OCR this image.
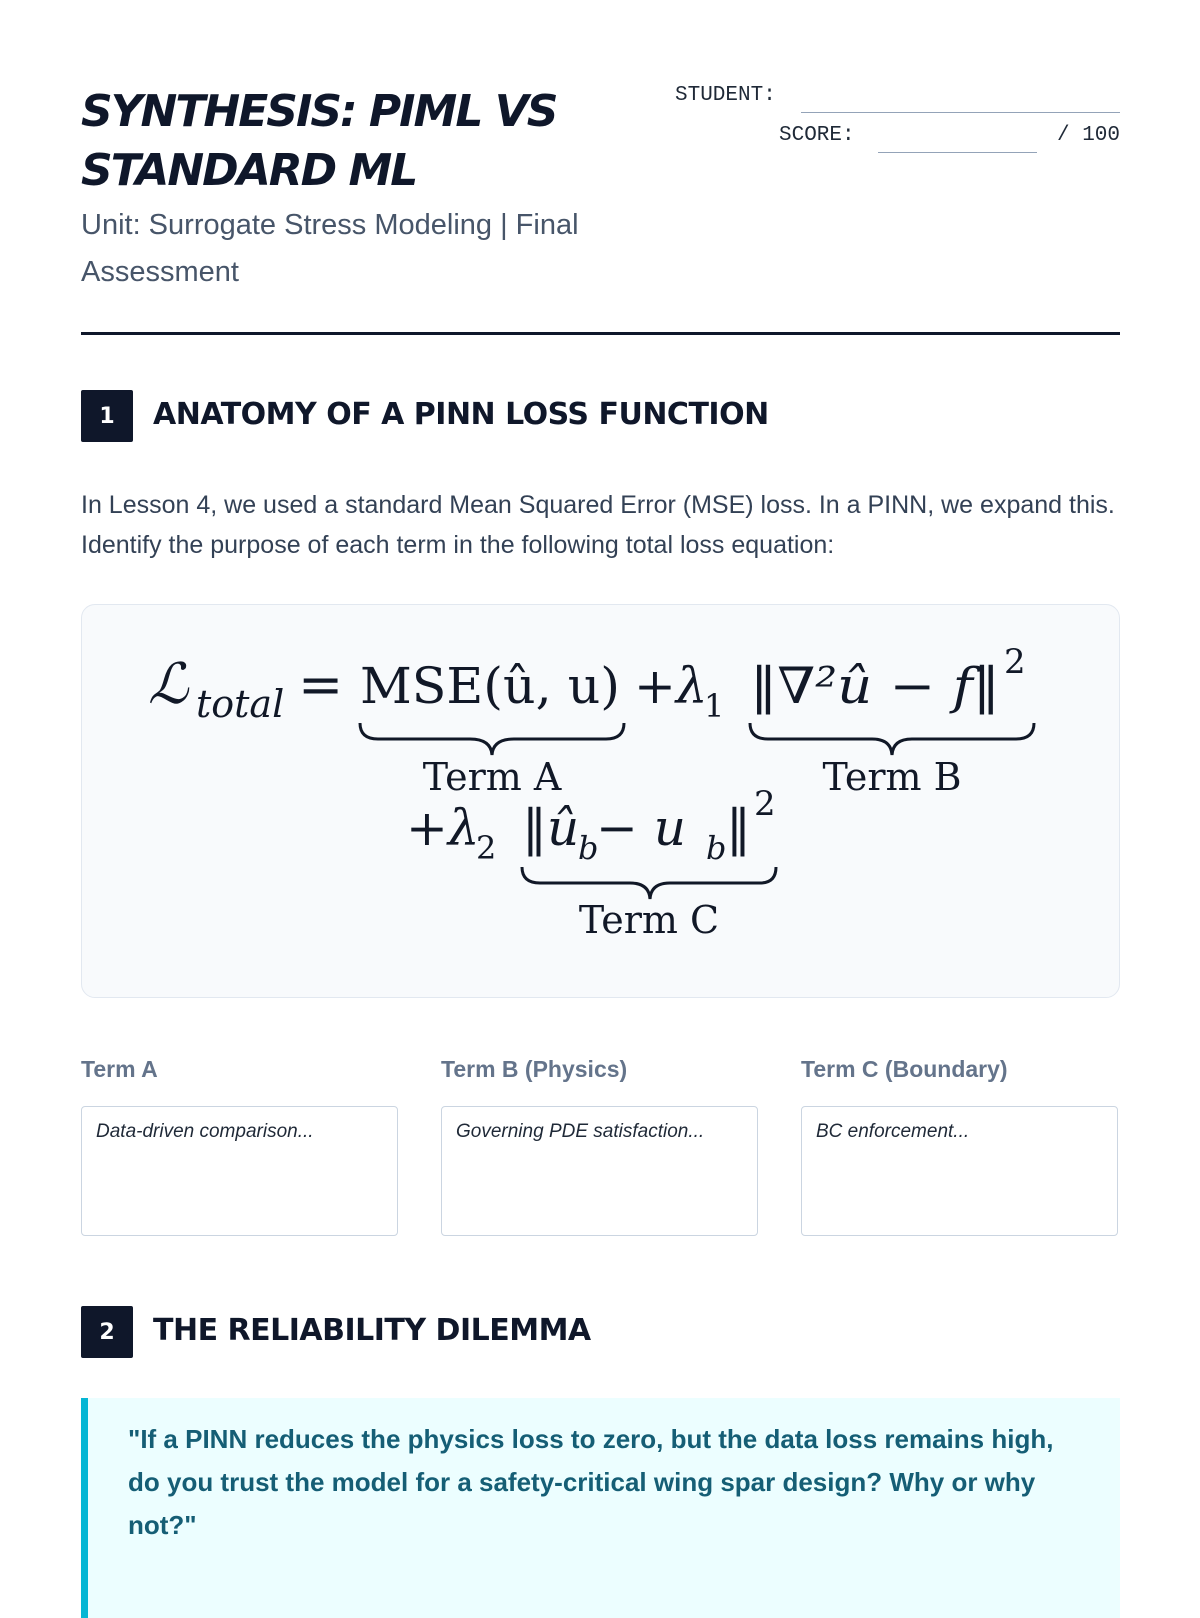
SYNTHESIS: PIML VS
STANDARD ML
Unit: Surrogate Stress Modeling | Final Assessment
STUDENT:
SCORE:	/ 100
1	ANATOMY OF A PINN LOSS FUNCTION

In Lesson 4, we used a standard Mean Squared Error (MSE) loss. In a PINN, we expand this. Identify the purpose of each term in the following total loss equation:

ℒ total = MSE(û, u) +λ
1 ‖∇²û − f‖ 2
Term A	Term B
+λ
2 ‖û
b
− u b ‖ 2
Term C
Term A
Data-driven comparison...
Term B (Physics)
Governing PDE satisfaction...
Term C (Boundary)
BC enforcement...
2	THE RELIABILITY DILEMMA

"If a PINN reduces the physics loss to zero, but the data loss remains high, do you trust the model for a safety-critical wing spar design? Why or why not?"
